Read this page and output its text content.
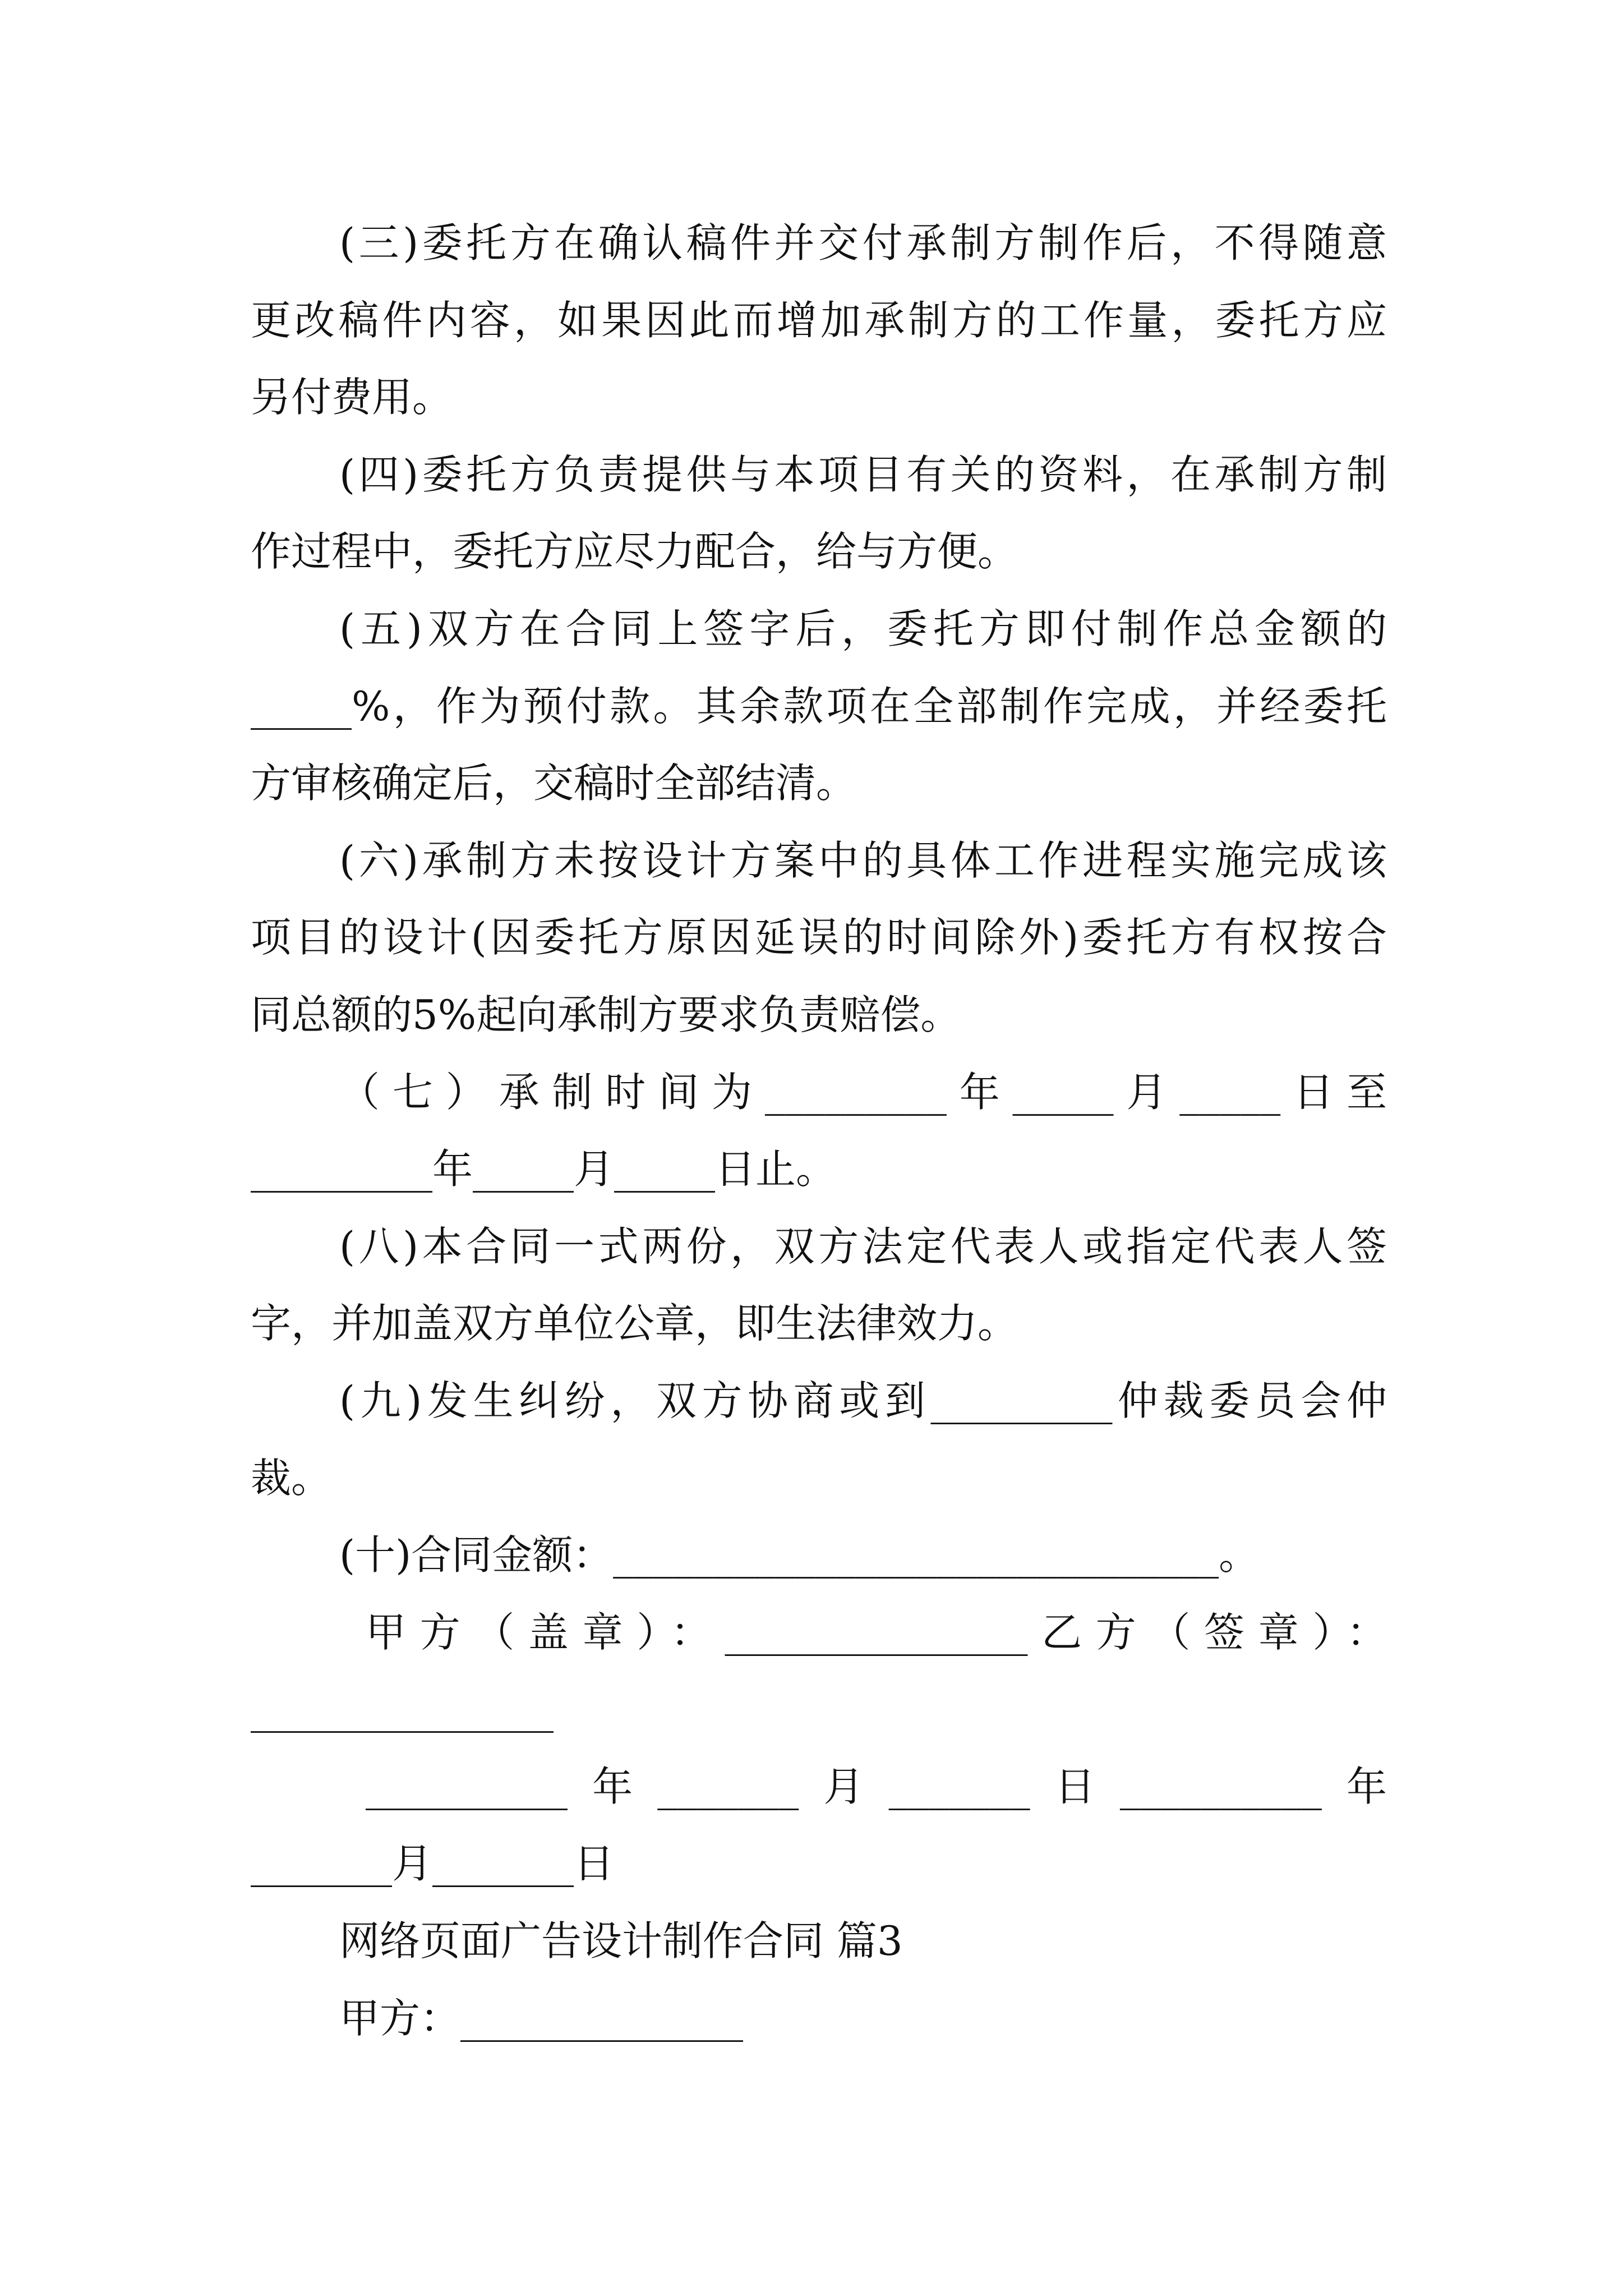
(三)委托方在确认稿件并交付承制方制作后，不得随意
更改稿件内容，如果因此而增加承制方的工作量，委托方应
另付费用。
(四)委托方负责提供与本项目有关的资料，在承制方制
作过程中，委托方应尽力配合，给与方便。
(五)双方在合同上签字后，委托方即付制作总金额的
_____%，作为预付款。其余款项在全部制作完成，并经委托
方审核确定后，交稿时全部结清。
(六)承制方未按设计方案中的具体工作进程实施完成该
项目的设计(因委托方原因延误的时间除外)委托方有权按合
同总额的5%起向承制方要求负责赔偿。
（七）承制时间为_________年_____月_____日至
_________年_____月_____日止。
(八)本合同一式两份，双方法定代表人或指定代表人签
字，并加盖双方单位公章，即生法律效力。
(九)发生纠纷，双方协商或到_________仲裁委员会仲
裁。
(十)合同金额：______________________________。
甲方（盖章）：_______________乙方（签章）：
_______________
__________年_______月_______日__________年
_______月_______日
网络页面广告设计制作合同 篇3
甲方：______________
